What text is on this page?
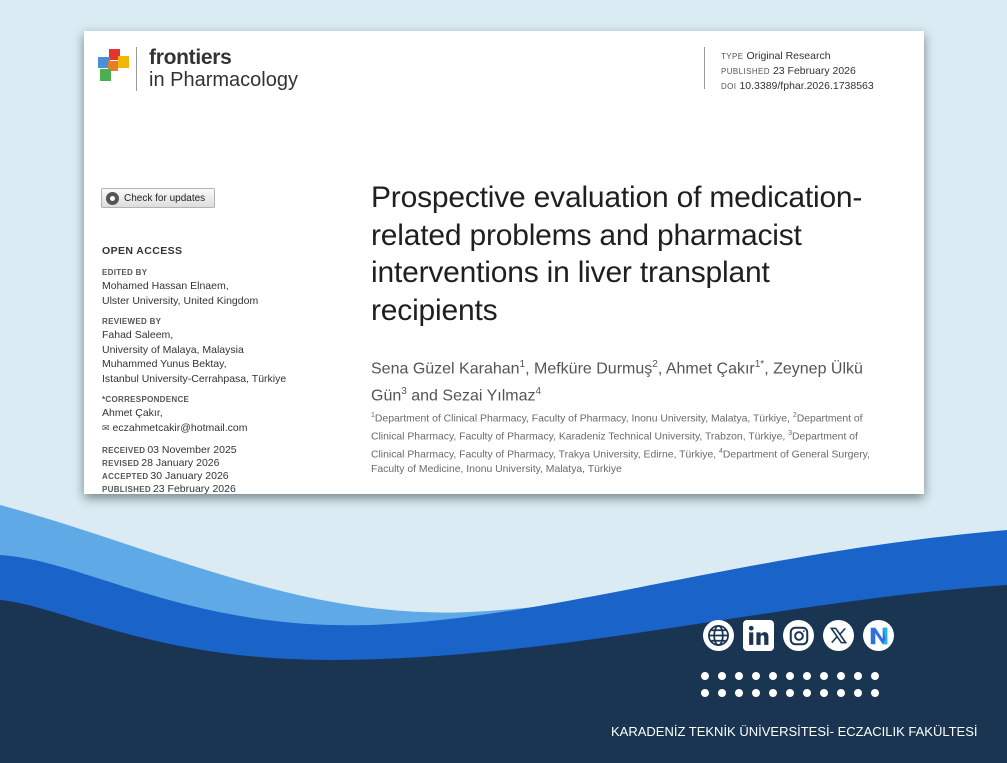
frontiers
in Pharmacology
TYPE Original Research
PUBLISHED 23 February 2026
DOI 10.3389/fphar.2026.1738563
Check for updates
OPEN ACCESS
EDITED BY
Mohamed Hassan Elnaem,
Ulster University, United Kingdom
REVIEWED BY
Fahad Saleem,
University of Malaya, Malaysia
Muhammed Yunus Bektay,
Istanbul University-Cerrahpasa, Türkiye
*CORRESPONDENCE
Ahmet Çakır,
✉ eczahmetcakir@hotmail.com
RECEIVED 03 November 2025
REVISED 28 January 2026
ACCEPTED 30 January 2026
PUBLISHED 23 February 2026
Prospective evaluation of medication-related problems and pharmacist interventions in liver transplant recipients
Sena Güzel Karahan$^1$, Mefküre Durmuş$^2$, Ahmet Çakır$^{1*}$, Zeynep Ülkü Gün$^3$ and Sezai Yılmaz$^4$
$^1$Department of Clinical Pharmacy, Faculty of Pharmacy, Inonu University, Malatya, Türkiye, $^2$Department of Clinical Pharmacy, Faculty of Pharmacy, Karadeniz Technical University, Trabzon, Türkiye, $^3$Department of Clinical Pharmacy, Faculty of Pharmacy, Trakya University, Edirne, Türkiye, $^4$Department of General Surgery, Faculty of Medicine, Inonu University, Malatya, Türkiye
KARADENİZ TEKNİK ÜNİVERSİTESİ- ECZACILIK FAKÜLTESİ
